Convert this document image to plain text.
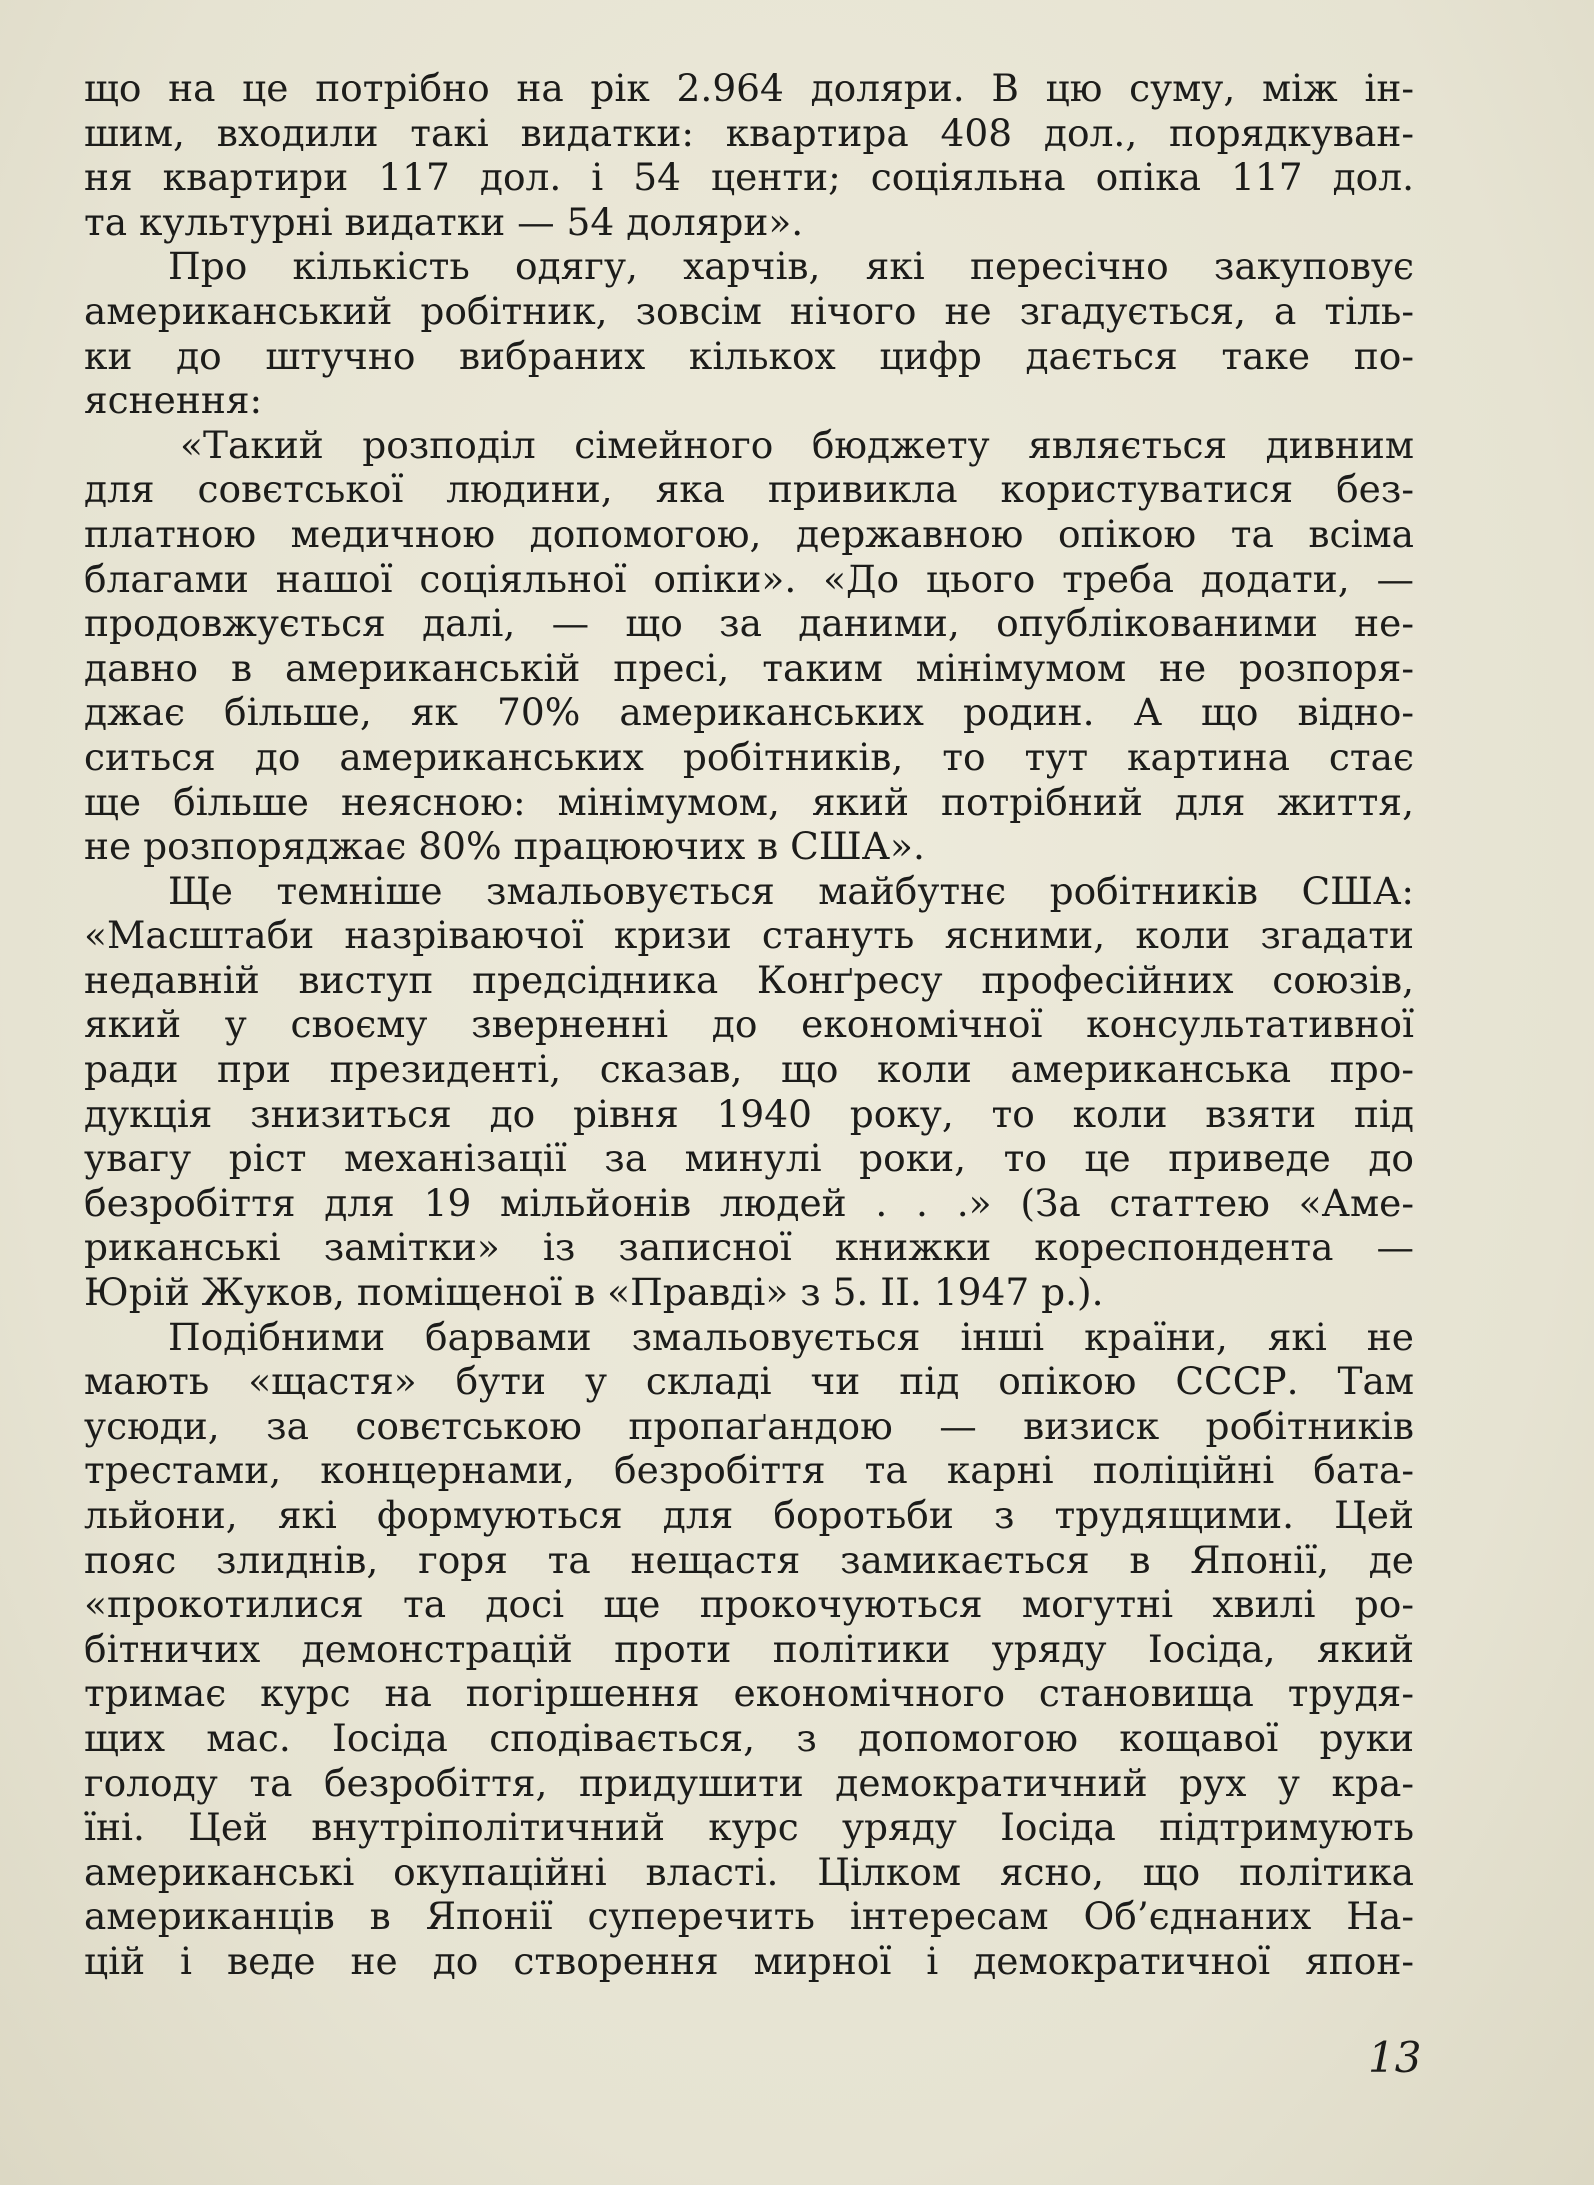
що на це потрібно на рік 2.964 доляри. В цю суму, між ін-
шим, входили такі видатки: квартира 408 дол., порядкуван-
ня квартири 117 дол. і 54 центи; соціяльна опіка 117 дол.
та культурні видатки — 54 доляри».
Про кількість одягу, харчів, які пересічно закуповує
американський робітник, зовсім нічого не згадується, а тіль-
ки до штучно вибраних кількох цифр дається таке по-
яснення:
«Такий розподіл сімейного бюджету являється дивним
для совєтської людини, яка привикла користуватися без-
платною медичною допомогою, державною опікою та всіма
благами нашої соціяльної опіки». «До цього треба додати, —
продовжується далі, — що за даними, опублікованими не-
давно в американській пресі, таким мінімумом не розпоря-
джає більше, як 70% американських родин. А що відно-
ситься до американських робітників, то тут картина стає
ще більше неясною: мінімумом, який потрібний для життя,
не розпоряджає 80% працюючих в США».
Ще темніше змальовується майбутнє робітників США:
«Масштаби назріваючої кризи стануть ясними, коли згадати
недавній виступ предсідника Конґресу професійних союзів,
який у своєму зверненні до економічної консультативної
ради при президенті, сказав, що коли американська про-
дукція знизиться до рівня 1940 року, то коли взяти під
увагу ріст механізації за минулі роки, то це приведе до
безробіття для 19 мільйонів людей . . .» (За статтею «Аме-
риканські замітки» із записної книжки кореспондента —
Юрій Жуков, поміщеної в «Правді» з 5. II. 1947 р.).
Подібними барвами змальовується інші країни, які не
мають «щастя» бути у складі чи під опікою СССР. Там
усюди, за совєтською пропаґандою — визиск робітників
трестами, концернами, безробіття та карні поліційні бата-
льйони, які формуються для боротьби з трудящими. Цей
пояс злиднів, горя та нещастя замикається в Японії, де
«прокотилися та досі ще прокочуються могутні хвилі ро-
бітничих демонстрацій проти політики уряду Іосіда, який
тримає курс на погіршення економічного становища трудя-
щих мас. Іосіда сподівається, з допомогою кощавої руки
голоду та безробіття, придушити демократичний рух у кра-
їні. Цей внутріполітичний курс уряду Іосіда підтримують
американські окупаційні власті. Цілком ясно, що політика
американців в Японії суперечить інтересам Об’єднаних На-
цій і веде не до створення мирної і демократичної япон-
13
